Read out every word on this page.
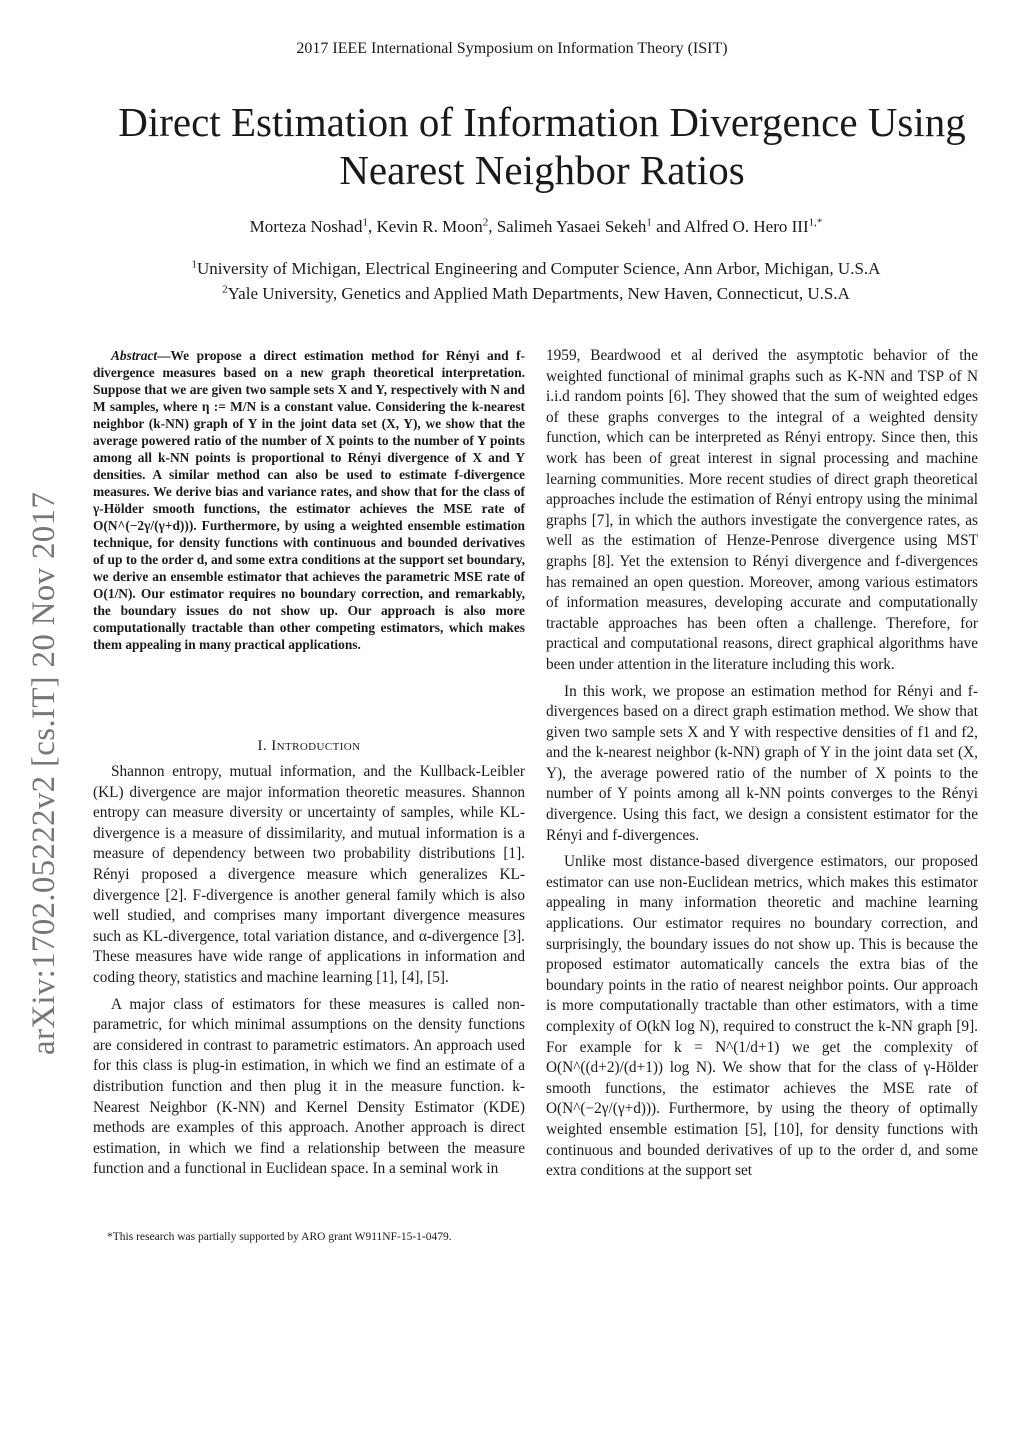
2017 IEEE International Symposium on Information Theory (ISIT)
Direct Estimation of Information Divergence Using
Nearest Neighbor Ratios
Morteza Noshad$^1$, Kevin R. Moon$^2$, Salimeh Yasaei Sekeh$^1$ and Alfred O. Hero $III^{1,*}$
$^1$University of Michigan, Electrical Engineering and Computer Science, Ann Arbor, Michigan, U.S.A
$^2$Yale University, Genetics and Applied Math Departments, New Haven, Connecticut, U.S.A
arXiv:1702.05222v2 [cs.IT] 20 Nov 2017

Abstract—We propose a direct estimation method for Rényi and f-divergence measures based on a new graph theoretical interpretation. Suppose that we are given two sample sets X and Y, respectively with N and M samples, where η := M/N is a constant value. Considering the k-nearest neighbor (k-NN) graph of Y in the joint data set (X, Y), we show that the average powered ratio of the number of X points to the number of Y points among all k-NN points is proportional to Rényi divergence of X and Y densities. A similar method can also be used to estimate f-divergence measures. We derive bias and variance rates, and show that for the class of γ-Hölder smooth functions, the estimator achieves the MSE rate of O(N^(−2γ/(γ+d))). Furthermore, by using a weighted ensemble estimation technique, for density functions with continuous and bounded derivatives of up to the order d, and some extra conditions at the support set boundary, we derive an ensemble estimator that achieves the parametric MSE rate of O(1/N). Our estimator requires no boundary correction, and remarkably, the boundary issues do not show up. Our approach is also more computationally tractable than other competing estimators, which makes them appealing in many practical applications.

I. Introduction

Shannon entropy, mutual information, and the Kullback-Leibler (KL) divergence are major information theoretic measures. Shannon entropy can measure diversity or uncertainty of samples, while KL-divergence is a measure of dissimilarity, and mutual information is a measure of dependency between two probability distributions [1]. Rényi proposed a divergence measure which generalizes KL-divergence [2]. F-divergence is another general family which is also well studied, and comprises many important divergence measures such as KL-divergence, total variation distance, and α-divergence [3]. These measures have wide range of applications in information and coding theory, statistics and machine learning [1], [4], [5].

A major class of estimators for these measures is called non-parametric, for which minimal assumptions on the density functions are considered in contrast to parametric estimators. An approach used for this class is plug-in estimation, in which we find an estimate of a distribution function and then plug it in the measure function. k-Nearest Neighbor (K-NN) and Kernel Density Estimator (KDE) methods are examples of this approach. Another approach is direct estimation, in which we find a relationship between the measure function and a functional in Euclidean space. In a seminal work in

*This research was partially supported by ARO grant W911NF-15-1-0479.

1959, Beardwood et al derived the asymptotic behavior of the weighted functional of minimal graphs such as K-NN and TSP of N i.i.d random points [6]. They showed that the sum of weighted edges of these graphs converges to the integral of a weighted density function, which can be interpreted as Rényi entropy. Since then, this work has been of great interest in signal processing and machine learning communities. More recent studies of direct graph theoretical approaches include the estimation of Rényi entropy using the minimal graphs [7], in which the authors investigate the convergence rates, as well as the estimation of Henze-Penrose divergence using MST graphs [8]. Yet the extension to Rényi divergence and f-divergences has remained an open question. Moreover, among various estimators of information measures, developing accurate and computationally tractable approaches has been often a challenge. Therefore, for practical and computational reasons, direct graphical algorithms have been under attention in the literature including this work.

In this work, we propose an estimation method for Rényi and f-divergences based on a direct graph estimation method. We show that given two sample sets X and Y with respective densities of f1 and f2, and the k-nearest neighbor (k-NN) graph of Y in the joint data set (X, Y), the average powered ratio of the number of X points to the number of Y points among all k-NN points converges to the Rényi divergence. Using this fact, we design a consistent estimator for the Rényi and f-divergences.

Unlike most distance-based divergence estimators, our proposed estimator can use non-Euclidean metrics, which makes this estimator appealing in many information theoretic and machine learning applications. Our estimator requires no boundary correction, and surprisingly, the boundary issues do not show up. This is because the proposed estimator automatically cancels the extra bias of the boundary points in the ratio of nearest neighbor points. Our approach is more computationally tractable than other estimators, with a time complexity of O(kN log N), required to construct the k-NN graph [9]. For example for k = N^(1/d+1) we get the complexity of O(N^((d+2)/(d+1)) log N). We show that for the class of γ-Hölder smooth functions, the estimator achieves the MSE rate of O(N^(−2γ/(γ+d))). Furthermore, by using the theory of optimally weighted ensemble estimation [5], [10], for density functions with continuous and bounded derivatives of up to the order d, and some extra conditions at the support set
